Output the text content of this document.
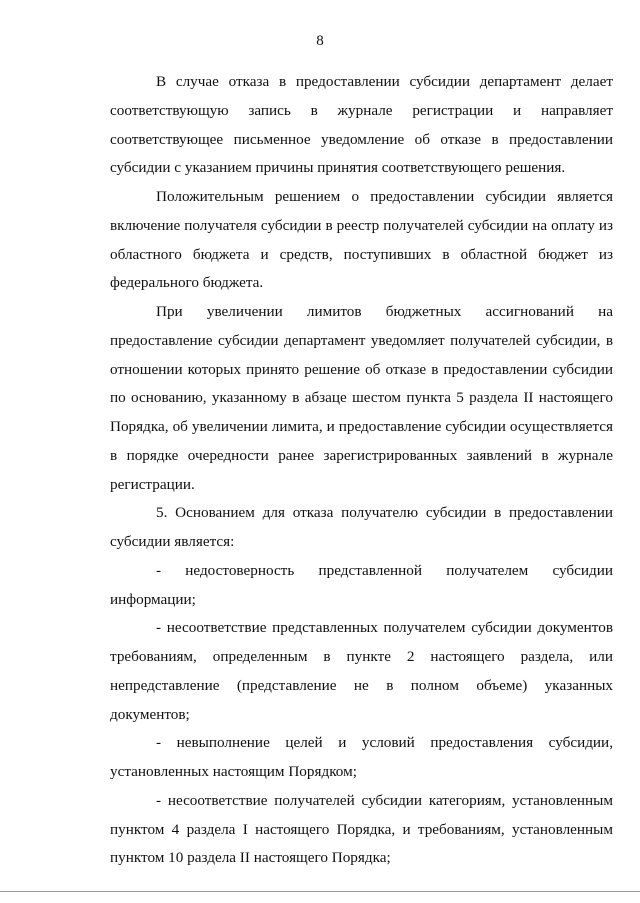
8

В случае отказа в предоставлении субсидии департамент делает соответствующую запись в журнале регистрации и направляет соответствующее письменное уведомление об отказе в предоставлении субсидии с указанием причины принятия соответствующего решения.

Положительным решением о предоставлении субсидии является включение получателя субсидии в реестр получателей субсидии на оплату из областного бюджета и средств, поступивших в областной бюджет из федерального бюджета.

При увеличении лимитов бюджетных ассигнований на предоставление субсидии департамент уведомляет получателей субсидии, в отношении которых принято решение об отказе в предоставлении субсидии по основанию, указанному в абзаце шестом пункта 5 раздела II настоящего Порядка, об увеличении лимита, и предоставление субсидии осуществляется в порядке очередности ранее зарегистрированных заявлений в журнале регистрации.

5. Основанием для отказа получателю субсидии в предоставлении субсидии является:

- недостоверность представленной получателем субсидии информации;

- несоответствие представленных получателем субсидии документов требованиям, определенным в пункте 2 настоящего раздела, или непредставление (представление не в полном объеме) указанных документов;

- невыполнение целей и условий предоставления субсидии, установленных настоящим Порядком;

- несоответствие получателей субсидии категориям, установленным пунктом 4 раздела I настоящего Порядка, и требованиям, установленным пунктом 10 раздела II настоящего Порядка;
